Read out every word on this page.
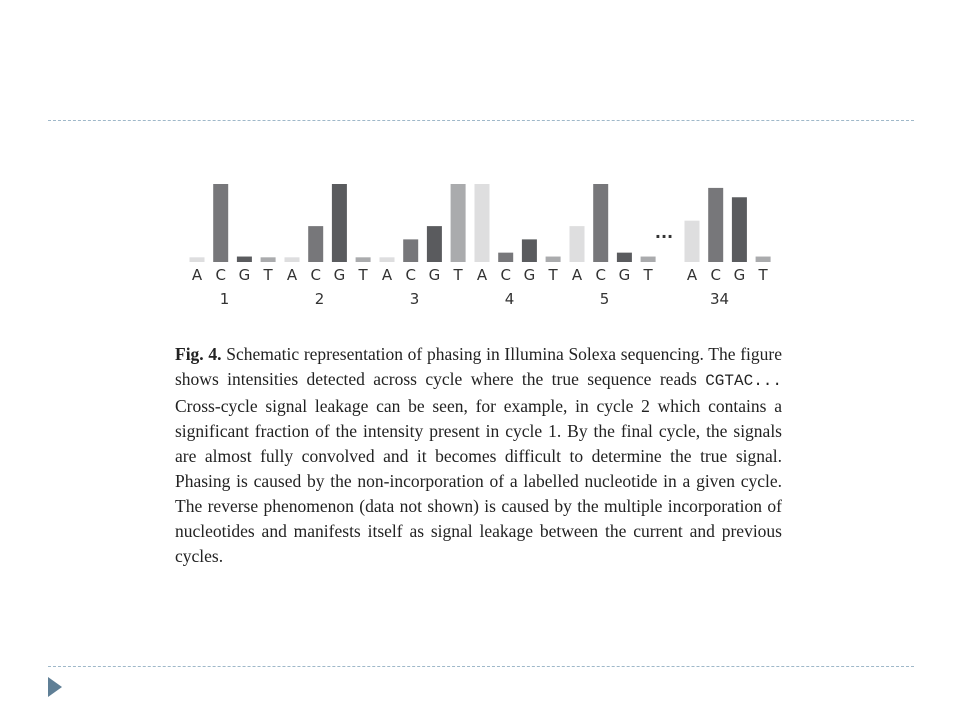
A C G T
1
A C G T
2
A C G T
3
A C G T
4
A C G T
5
A C G T
34
...
Fig. 4. Schematic representation of phasing in Illumina Solexa sequencing. The figure shows intensities detected across cycle where the true sequence reads CGTAC... Cross-cycle signal leakage can be seen, for example, in cycle 2 which contains a significant fraction of the intensity present in cycle 1. By the final cycle, the signals are almost fully convolved and it becomes difficult to determine the true signal. Phasing is caused by the non-incorporation of a labelled nucleotide in a given cycle. The reverse phenomenon (data not shown) is caused by the multiple incorporation of nucleotides and manifests itself as signal leakage between the current and previous cycles.
